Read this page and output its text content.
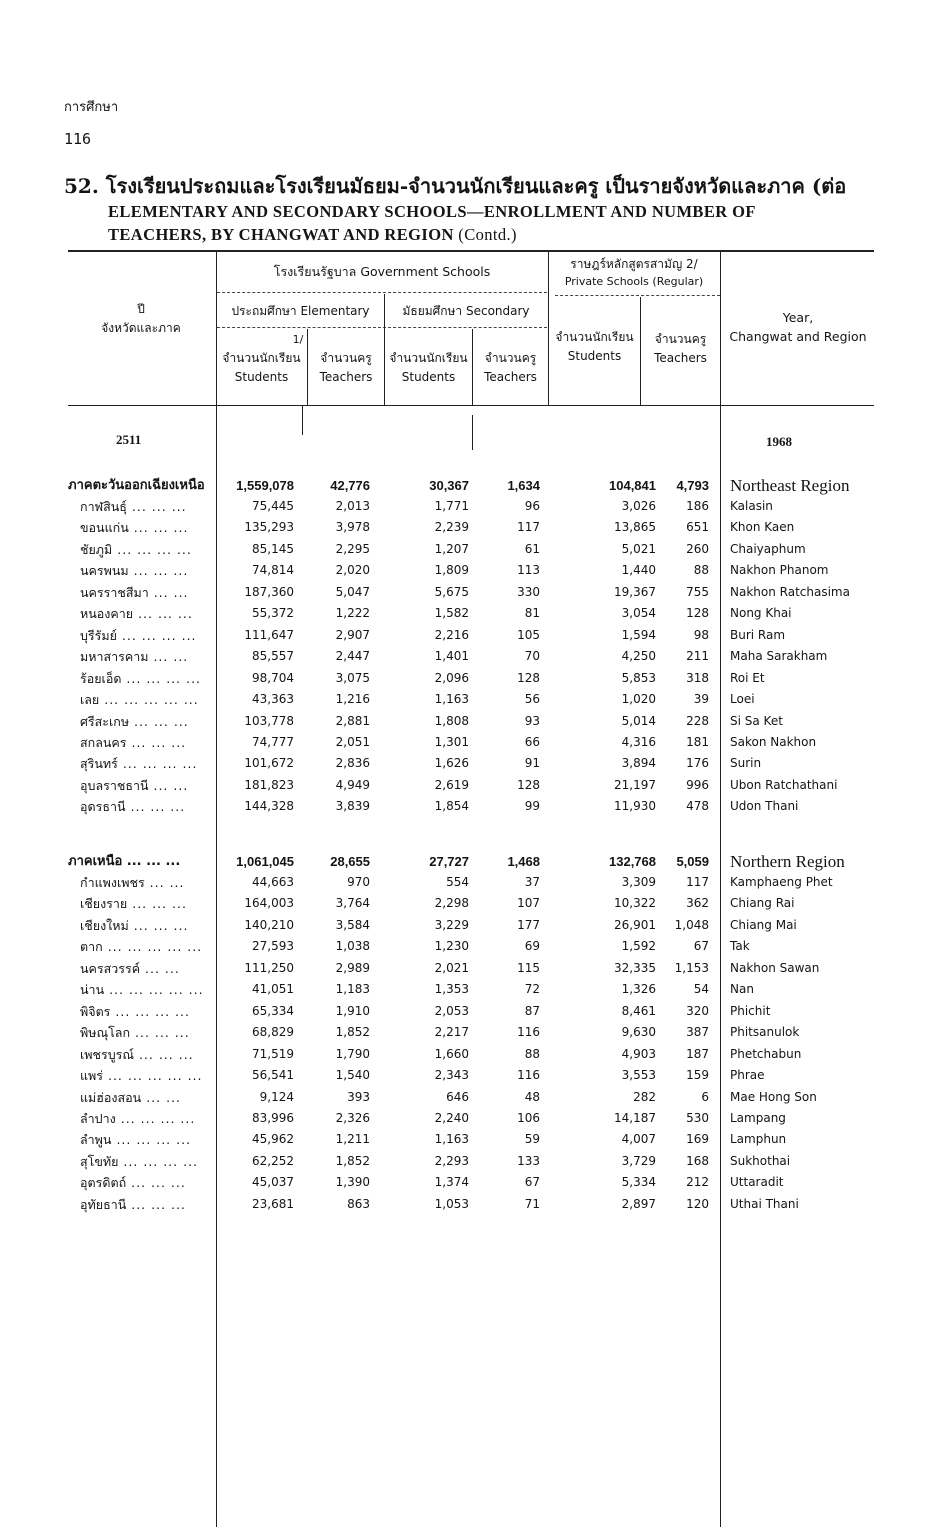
การศึกษา
116
52. โรงเรียนประถมและโรงเรียนมัธยม-จำนวนนักเรียนและครู เป็นรายจังหวัดและภาค (ต่อ
ELEMENTARY AND SECONDARY SCHOOLS—ENROLLMENT AND NUMBER OF
TEACHERS, BY CHANGWAT AND REGION (Contd.)
ปี
จังหวัดและภาค
โรงเรียนรัฐบาล Government Schools
ประถมศึกษา Elementary	มัธยมศึกษา Secondary
ราษฎร์หลักสูตรสามัญ 2/
Private Schools (Regular)
1/
จำนวนนักเรียน
Students
จำนวนครู
Teachers
จำนวนนักเรียน
Students
จำนวนครู
Teachers
จำนวนนักเรียน
Students
จำนวนครู
Teachers
Year,
Changwat and Region
2511	1968
ภาคตะวันออกเฉียงเหนือ 1,559,078	42,776	30,367	1,634	104,841 4,793 Northeast Region
กาฬสินธุ์ ... ... ...	75,445	2,013	1,771	96	3,026	186 Kalasin
ขอนแก่น ... ... ...	135,293	3,978	2,239	117	13,865	651 Khon Kaen
ชัยภูมิ ... ... ... ...	85,145	2,295	1,207	61	5,021	260 Chaiyaphum
นครพนม ... ... ...	74,814	2,020	1,809	113	1,440	88 Nakhon Phanom
นครราชสีมา ... ...	187,360	5,047	5,675	330	19,367	755 Nakhon Ratchasima
หนองคาย ... ... ...	55,372	1,222	1,582	81	3,054	128 Nong Khai
บุรีรัมย์ ... ... ... ...	111,647	2,907	2,216	105	1,594	98 Buri Ram
มหาสารคาม ... ...	85,557	2,447	1,401	70	4,250	211 Maha Sarakham
ร้อยเอ็ด ... ... ... ...	98,704	3,075	2,096	128	5,853	318 Roi Et
เลย ... ... ... ... ...	43,363	1,216	1,163	56	1,020	39 Loei
ศรีสะเกษ ... ... ...	103,778	2,881	1,808	93	5,014	228 Si Sa Ket
สกลนคร ... ... ...	74,777	2,051	1,301	66	4,316	181 Sakon Nakhon
สุรินทร์ ... ... ... ...	101,672	2,836	1,626	91	3,894	176 Surin
อุบลราชธานี ... ...	181,823	4,949	2,619	128	21,197	996 Ubon Ratchathani
อุดรธานี ... ... ...	144,328	3,839	1,854	99	11,930	478 Udon Thani
ภาคเหนือ ... ... ...	1,061,045	28,655	27,727	1,468	132,768 5,059 Northern Region
กำแพงเพชร ... ...	44,663	970	554	37	3,309	117 Kamphaeng Phet
เชียงราย ... ... ...	164,003	3,764	2,298	107	10,322	362 Chiang Rai
เชียงใหม่ ... ... ...	140,210	3,584	3,229	177	26,901 1,048 Chiang Mai
ตาก ... ... ... ... ...	27,593	1,038	1,230	69	1,592	67 Tak
นครสวรรค์ ... ...	111,250	2,989	2,021	115	32,335 1,153 Nakhon Sawan
น่าน ... ... ... ... ...	41,051	1,183	1,353	72	1,326	54 Nan
พิจิตร ... ... ... ...	65,334	1,910	2,053	87	8,461	320 Phichit
พิษณุโลก ... ... ...	68,829	1,852	2,217	116	9,630	387 Phitsanulok
เพชรบูรณ์ ... ... ...	71,519	1,790	1,660	88	4,903	187 Phetchabun
แพร่ ... ... ... ... ...	56,541	1,540	2,343	116	3,553	159 Phrae
แม่ฮ่องสอน ... ...	9,124	393	646	48	282	6 Mae Hong Son
ลำปาง ... ... ... ...	83,996	2,326	2,240	106	14,187	530 Lampang
ลำพูน ... ... ... ...	45,962	1,211	1,163	59	4,007	169 Lamphun
สุโขทัย ... ... ... ...	62,252	1,852	2,293	133	3,729	168 Sukhothai
อุตรดิตถ์ ... ... ...	45,037	1,390	1,374	67	5,334	212 Uttaradit
อุทัยธานี ... ... ...	23,681	863	1,053	71	2,897	120 Uthai Thani
